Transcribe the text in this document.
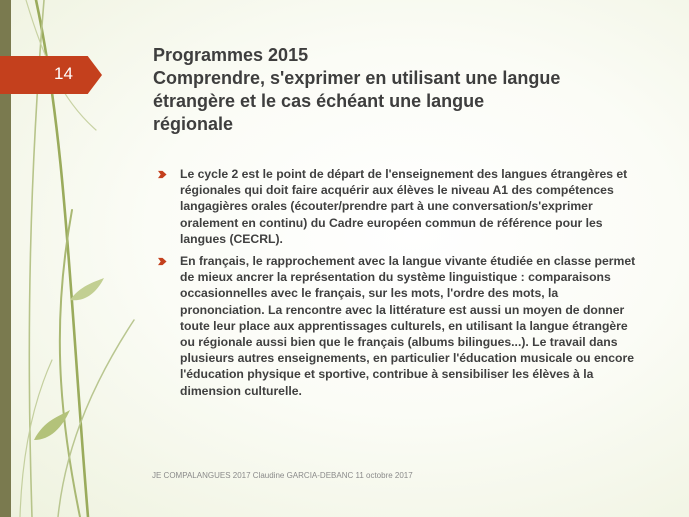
14
Programmes 2015
Comprendre, s'exprimer en utilisant une langue
étrangère et le cas échéant une langue
régionale
Le cycle 2 est le point de départ de l'enseignement des langues étrangères et régionales qui doit faire acquérir aux élèves le niveau A1 des compétences langagières orales (écouter/prendre part à une conversation/s'exprimer oralement en continu) du Cadre européen commun de référence pour les langues (CECRL).
En français, le rapprochement avec la langue vivante étudiée en classe permet de mieux ancrer la représentation du système linguistique : comparaisons occasionnelles avec le français, sur les mots, l'ordre des mots, la prononciation. La rencontre avec la littérature est aussi un moyen de donner toute leur place aux apprentissages culturels, en utilisant la langue étrangère ou régionale aussi bien que le français (albums bilingues...). Le travail dans plusieurs autres enseignements, en particulier l'éducation musicale ou encore l'éducation physique et sportive, contribue à sensibiliser les élèves à la dimension culturelle.
JE COMPALANGUES 2017 Claudine GARCIA-DEBANC 11 octobre 2017
